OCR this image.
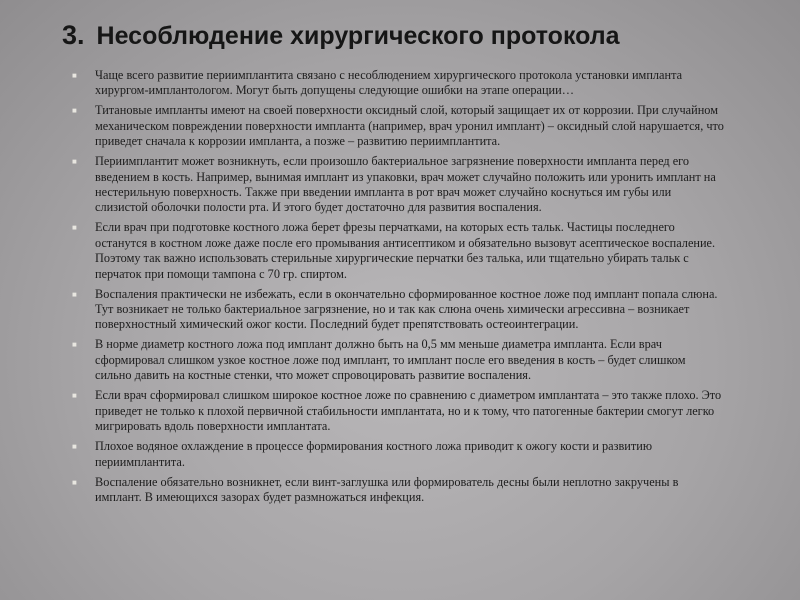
3. Несоблюдение хирургического протокола
■ Чаще всего развитие периимплантита связано с несоблюдением хирургического протокола установки импланта хирургом-имплантологом. Могут быть допущены следующие ошибки на этапе операции…
■ Титановые импланты имеют на своей поверхности оксидный слой, который защищает их от коррозии. При случайном механическом повреждении поверхности импланта (например, врач уронил имплант) – оксидный слой нарушается, что приведет сначала к коррозии импланта, а позже – развитию периимплантита.
■ Периимплантит может возникнуть, если произошло бактериальное загрязнение поверхности импланта перед его введением в кость. Например, вынимая имплант из упаковки, врач может случайно положить или уронить имплант на нестерильную поверхность. Также при введении импланта в рот врач может случайно коснуться им губы или слизистой оболочки полости рта. И этого будет достаточно для развития воспаления.
■ Если врач при подготовке костного ложа берет фрезы перчатками, на которых есть тальк. Частицы последнего останутся в костном ложе даже после его промывания антисептиком и обязательно вызовут асептическое воспаление. Поэтому так важно использовать стерильные хирургические перчатки без талька, или тщательно убирать тальк с перчаток при помощи тампона с 70 гр. спиртом.
■ Воспаления практически не избежать, если в окончательно сформированное костное ложе под имплант попала слюна. Тут возникает не только бактериальное загрязнение, но и так как слюна очень химически агрессивна – возникает поверхностный химический ожог кости. Последний будет препятствовать остеоинтеграции.
■ В норме диаметр костного ложа под имплант должно быть на 0,5 мм меньше диаметра импланта. Если врач сформировал слишком узкое костное ложе под имплант, то имплант после его введения в кость – будет слишком сильно давить на костные стенки, что может спровоцировать развитие воспаления.
■ Если врач сформировал слишком широкое костное ложе по сравнению с диаметром имплантата – это также плохо. Это приведет не только к плохой первичной стабильности имплантата, но и к тому, что патогенные бактерии смогут легко мигрировать вдоль поверхности имплантата.
■ Плохое водяное охлаждение в процессе формирования костного ложа приводит к ожогу кости и развитию периимплантита.
■ Воспаление обязательно возникнет, если винт-заглушка или формирователь десны были неплотно закручены в имплант. В имеющихся зазорах будет размножаться инфекция.
